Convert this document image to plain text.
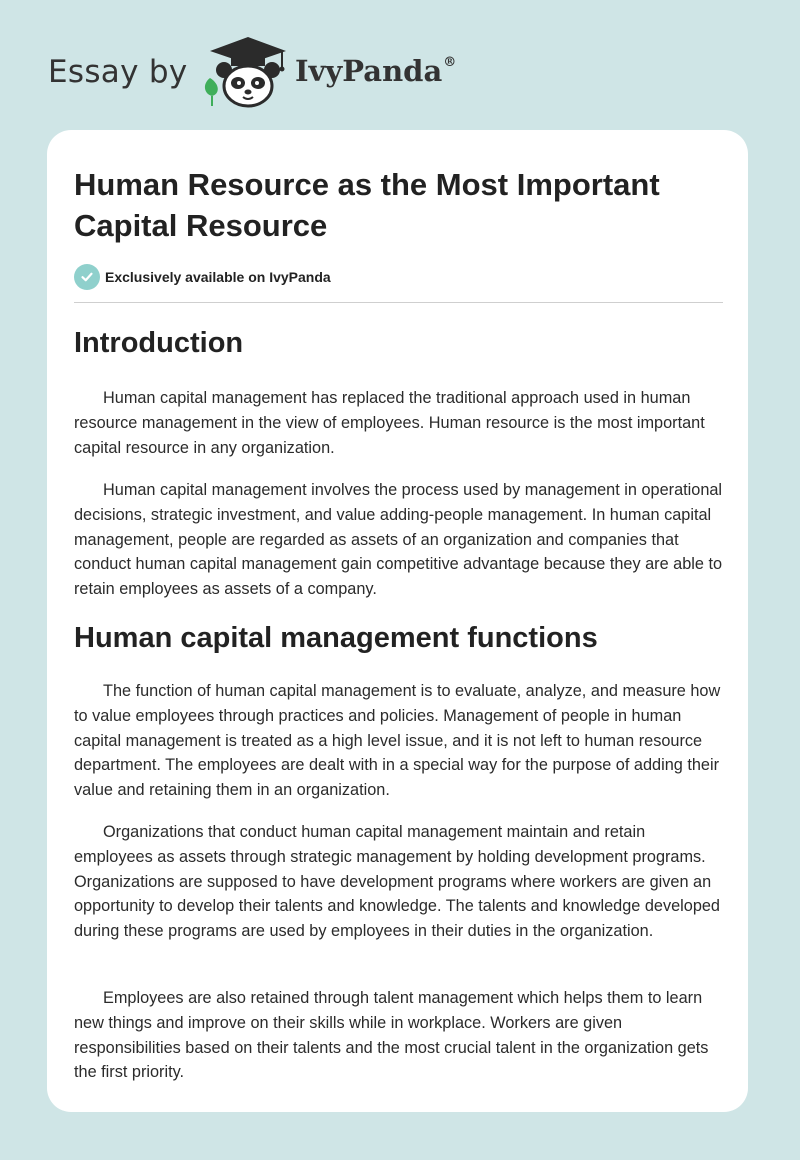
Essay by	IvyPanda®
Human Resource as the Most Important Capital Resource
Exclusively available on IvyPanda
Introduction

Human capital management has replaced the traditional approach used in human resource management in the view of employees. Human resource is the most important capital resource in any organization.

Human capital management involves the process used by management in operational decisions, strategic investment, and value adding-people management. In human capital management, people are regarded as assets of an organization and companies that conduct human capital management gain competitive advantage because they are able to retain employees as assets of a company.

Human capital management functions

The function of human capital management is to evaluate, analyze, and measure how to value employees through practices and policies. Management of people in human capital management is treated as a high level issue, and it is not left to human resource department. The employees are dealt with in a special way for the purpose of adding their value and retaining them in an organization.

Organizations that conduct human capital management maintain and retain employees as assets through strategic management by holding development programs. Organizations are supposed to have development programs where workers are given an opportunity to develop their talents and knowledge. The talents and knowledge developed during these programs are used by employees in their duties in the organization.

Employees are also retained through talent management which helps them to learn new things and improve on their skills while in workplace. Workers are given responsibilities based on their talents and the most crucial talent in the organization gets the first priority.
